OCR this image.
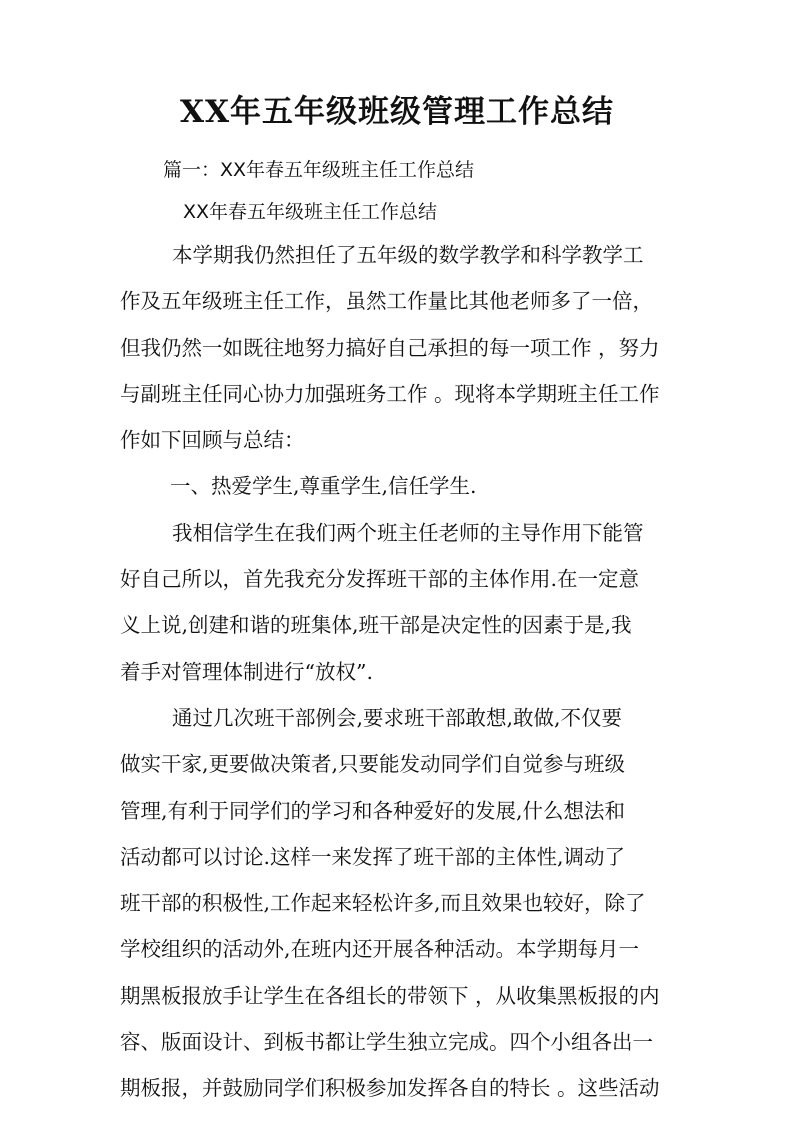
XX年五年级班级管理工作总结
篇一：XX年春五年级班主任工作总结
XX年春五年级班主任工作总结
本学期我仍然担任了五年级的数学教学和科学教学工
作及五年级班主任工作，虽然工作量比其他老师多了一倍，
但我仍然一如既往地努力搞好自己承担的每一项工作 ，努力
与副班主任同心协力加强班务工作 。现将本学期班主任工作
作如下回顾与总结：
一、热爱学生,尊重学生,信任学生.
我相信学生在我们两个班主任老师的主导作用下能管
好自己所以，首先我充分发挥班干部的主体作用.在一定意
义上说,创建和谐的班集体,班干部是决定性的因素于是,我
着手对管理体制进行“放权”.
通过几次班干部例会,要求班干部敢想,敢做,不仅要
做实干家,更要做决策者,只要能发动同学们自觉参与班级
管理,有利于同学们的学习和各种爱好的发展,什么想法和
活动都可以讨论.这样一来发挥了班干部的主体性,调动了
班干部的积极性,工作起来轻松许多,而且效果也较好，除了
学校组织的活动外,在班内还开展各种活动。本学期每月一
期黑板报放手让学生在各组长的带领下 ，从收集黑板报的内
容、版面设计、到板书都让学生独立完成。四个小组各出一
期板报，并鼓励同学们积极参加发挥各自的特长 。这些活动
